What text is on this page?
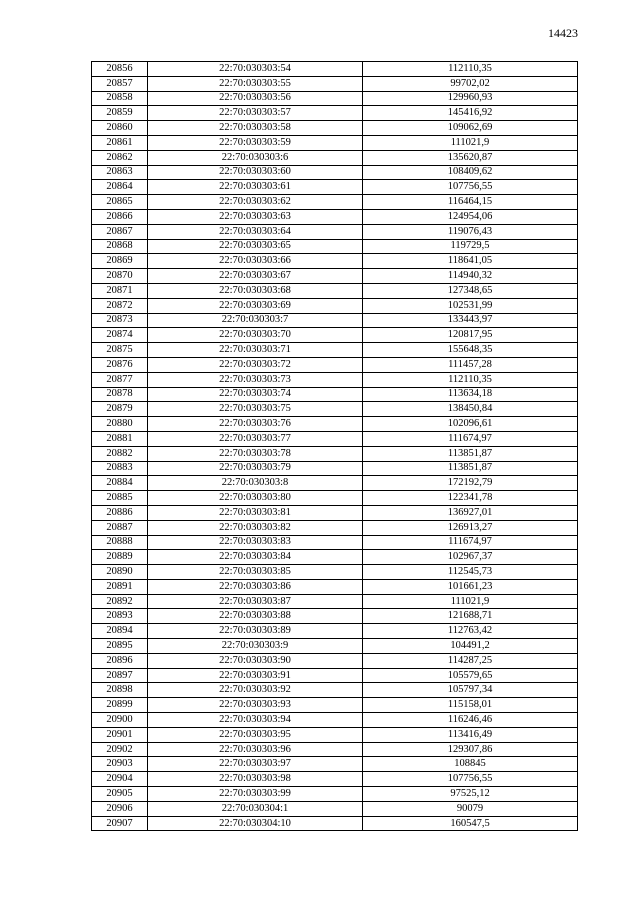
14423
20856	22:70:030303:54	112110,35
20857	22:70:030303:55	99702,02
20858	22:70:030303:56	129960,93
20859	22:70:030303:57	145416,92
20860	22:70:030303:58	109062,69
20861	22:70:030303:59	111021,9
20862	22:70:030303:6	135620,87
20863	22:70:030303:60	108409,62
20864	22:70:030303:61	107756,55
20865	22:70:030303:62	116464,15
20866	22:70:030303:63	124954,06
20867	22:70:030303:64	119076,43
20868	22:70:030303:65	119729,5
20869	22:70:030303:66	118641,05
20870	22:70:030303:67	114940,32
20871	22:70:030303:68	127348,65
20872	22:70:030303:69	102531,99
20873	22:70:030303:7	133443,97
20874	22:70:030303:70	120817,95
20875	22:70:030303:71	155648,35
20876	22:70:030303:72	111457,28
20877	22:70:030303:73	112110,35
20878	22:70:030303:74	113634,18
20879	22:70:030303:75	138450,84
20880	22:70:030303:76	102096,61
20881	22:70:030303:77	111674,97
20882	22:70:030303:78	113851,87
20883	22:70:030303:79	113851,87
20884	22:70:030303:8	172192,79
20885	22:70:030303:80	122341,78
20886	22:70:030303:81	136927,01
20887	22:70:030303:82	126913,27
20888	22:70:030303:83	111674,97
20889	22:70:030303:84	102967,37
20890	22:70:030303:85	112545,73
20891	22:70:030303:86	101661,23
20892	22:70:030303:87	111021,9
20893	22:70:030303:88	121688,71
20894	22:70:030303:89	112763,42
20895	22:70:030303:9	104491,2
20896	22:70:030303:90	114287,25
20897	22:70:030303:91	105579,65
20898	22:70:030303:92	105797,34
20899	22:70:030303:93	115158,01
20900	22:70:030303:94	116246,46
20901	22:70:030303:95	113416,49
20902	22:70:030303:96	129307,86
20903	22:70:030303:97	108845
20904	22:70:030303:98	107756,55
20905	22:70:030303:99	97525,12
20906	22:70:030304:1	90079
20907	22:70:030304:10	160547,5
